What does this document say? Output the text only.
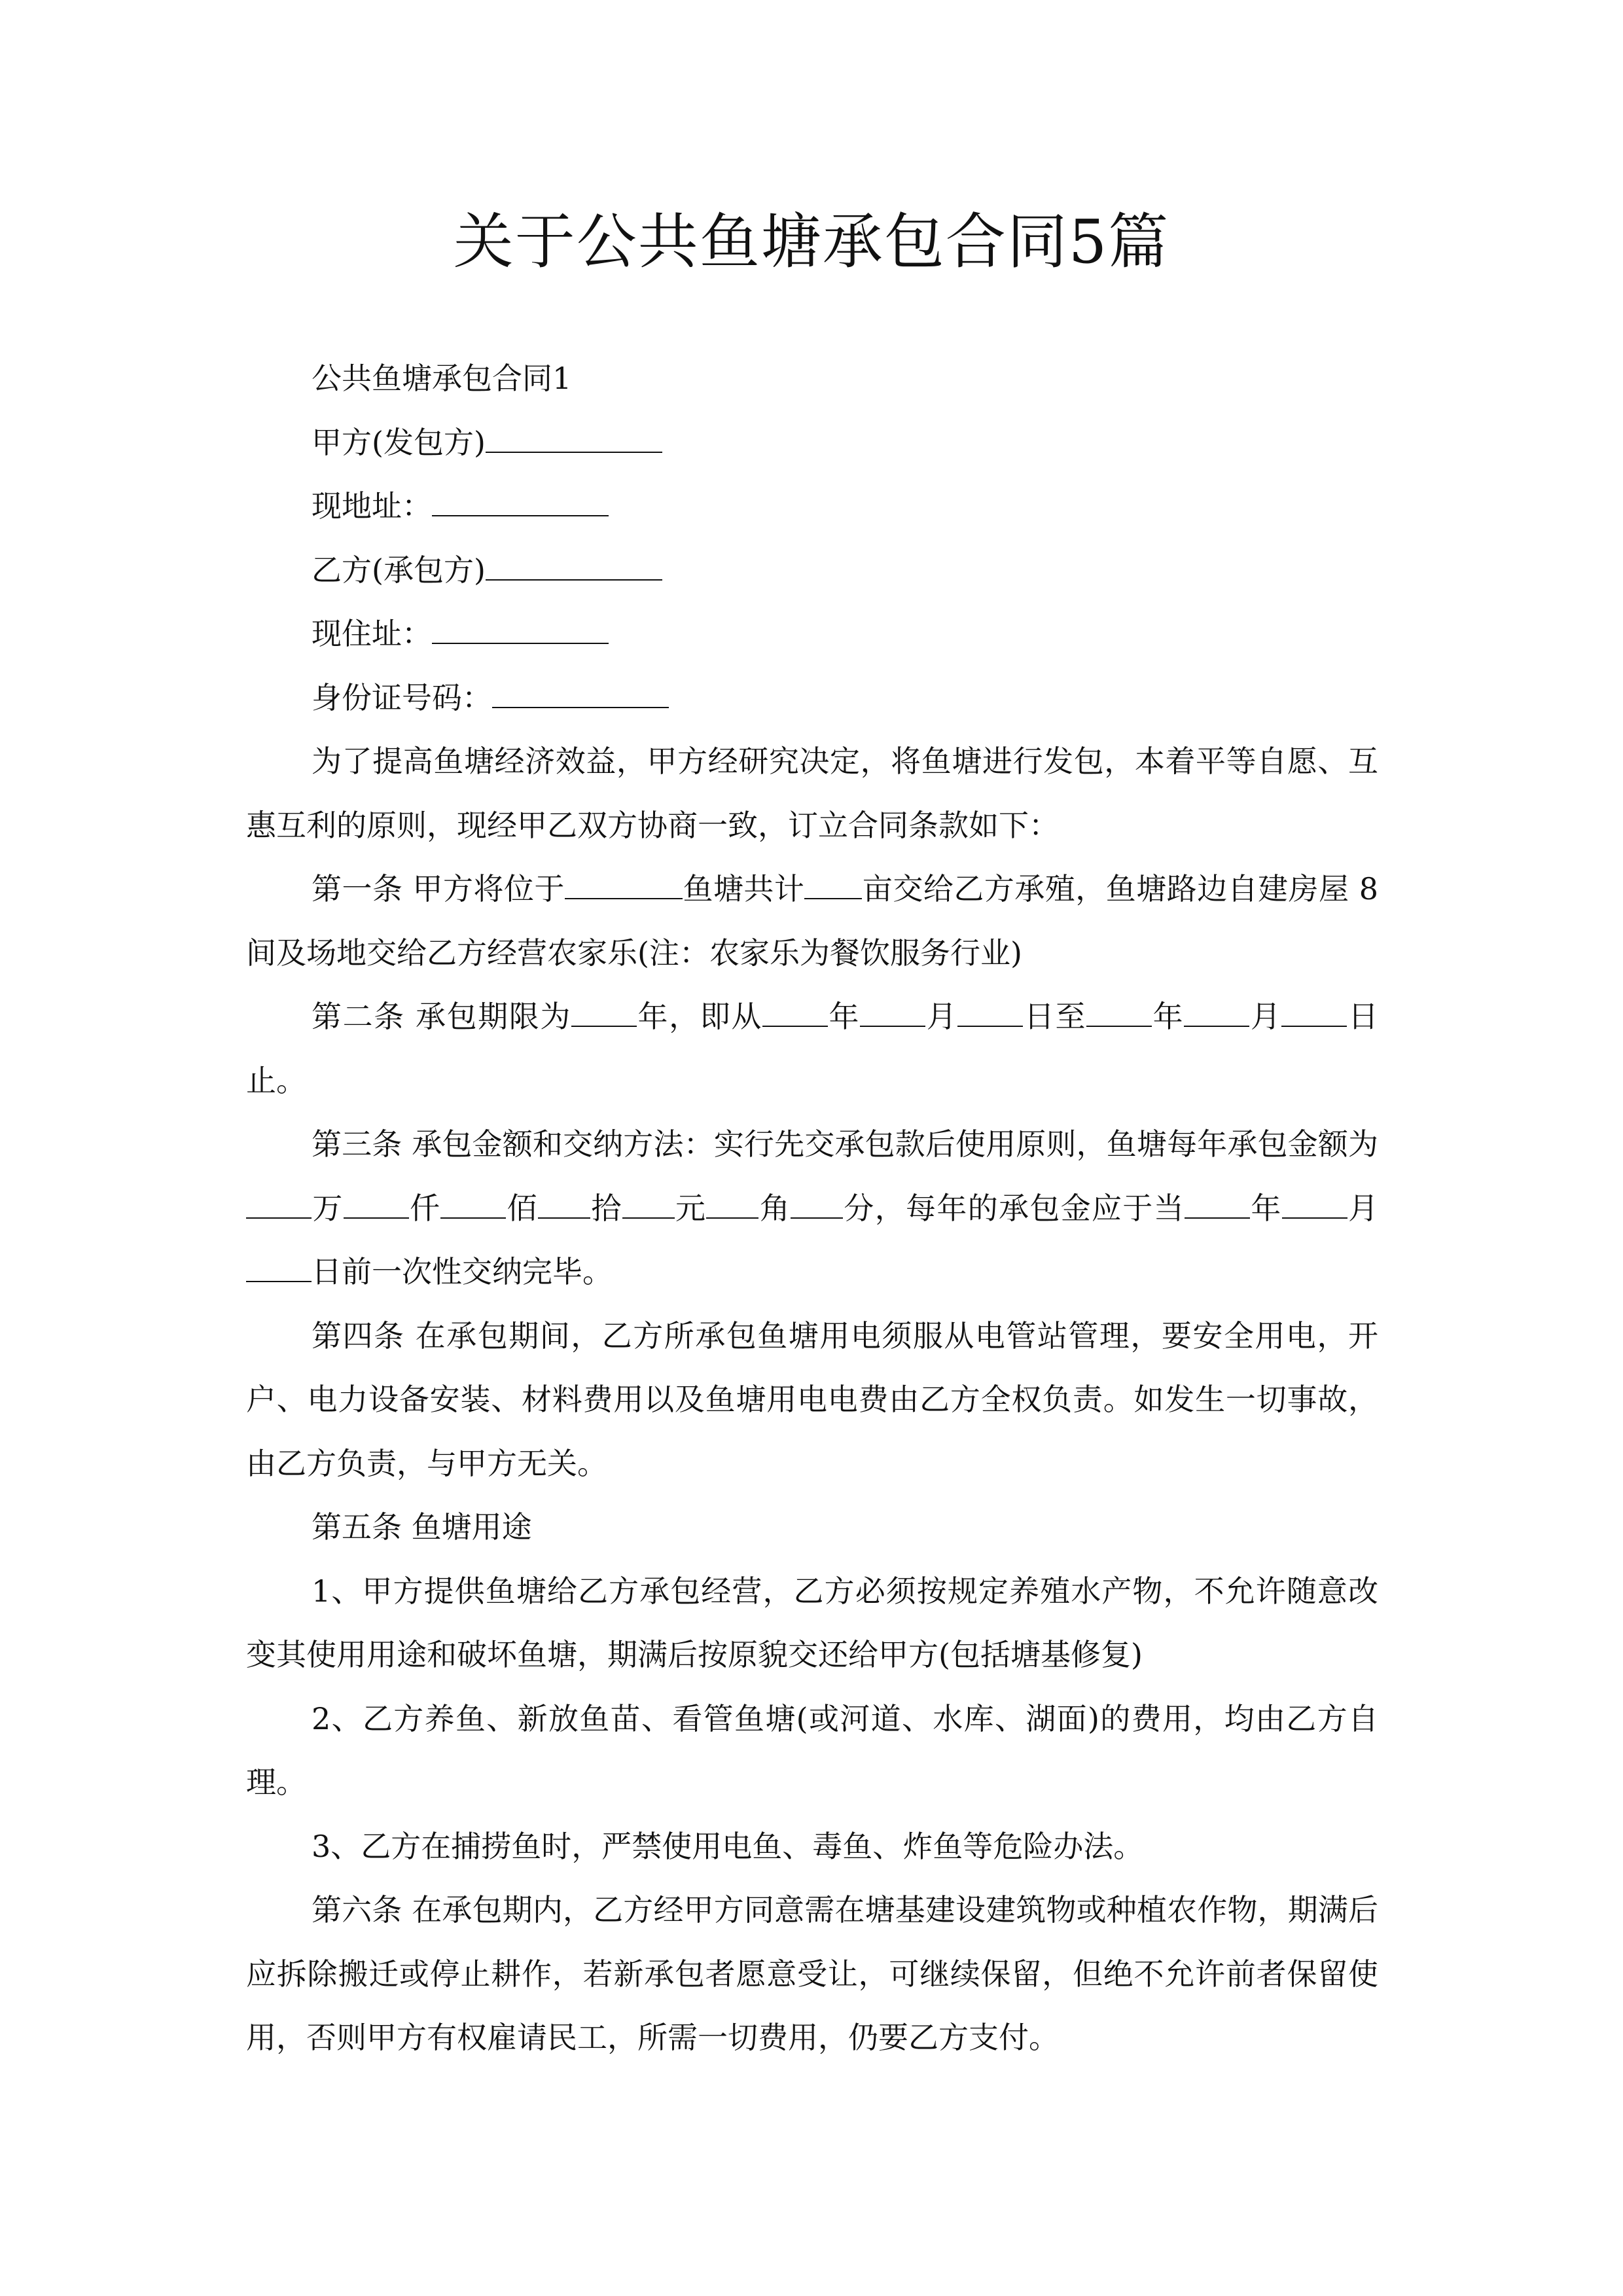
关于公共鱼塘承包合同5篇

公共鱼塘承包合同1

甲方(发包方)

现地址：

乙方(承包方)

现住址：

身份证号码：

为了提高鱼塘经济效益，甲方经研究决定，将鱼塘进行发包，本着平等自愿、互惠互利的原则，现经甲乙双方协商一致，订立合同条款如下：

第一条 甲方将位于	鱼塘共计 亩交给乙方承殖，鱼塘路边自建房屋 8 间及场地交给乙方经营农家乐(注：农家乐为餐饮服务行业)

第二条 承包期限为 年，即从 年 月 日至 年 月 日止。

第三条 承包金额和交纳方法：实行先交承包款后使用原则，鱼塘每年承包金额为万 仟 佰 拾 元 角 分，每年的承包金应于当 年 月日前一次性交纳完毕。

第四条 在承包期间，乙方所承包鱼塘用电须服从电管站管理，要安全用电，开户、电力设备安装、材料费用以及鱼塘用电电费由乙方全权负责。如发生一切事故，由乙方负责，与甲方无关。

第五条 鱼塘用途

1、甲方提供鱼塘给乙方承包经营，乙方必须按规定养殖水产物，不允许随意改变其使用用途和破坏鱼塘，期满后按原貌交还给甲方(包括塘基修复)

2、乙方养鱼、新放鱼苗、看管鱼塘(或河道、水库、湖面)的费用，均由乙方自理。

3、乙方在捕捞鱼时，严禁使用电鱼、毒鱼、炸鱼等危险办法。

第六条 在承包期内，乙方经甲方同意需在塘基建设建筑物或种植农作物，期满后应拆除搬迁或停止耕作，若新承包者愿意受让，可继续保留，但绝不允许前者保留使用，否则甲方有权雇请民工，所需一切费用，仍要乙方支付。
